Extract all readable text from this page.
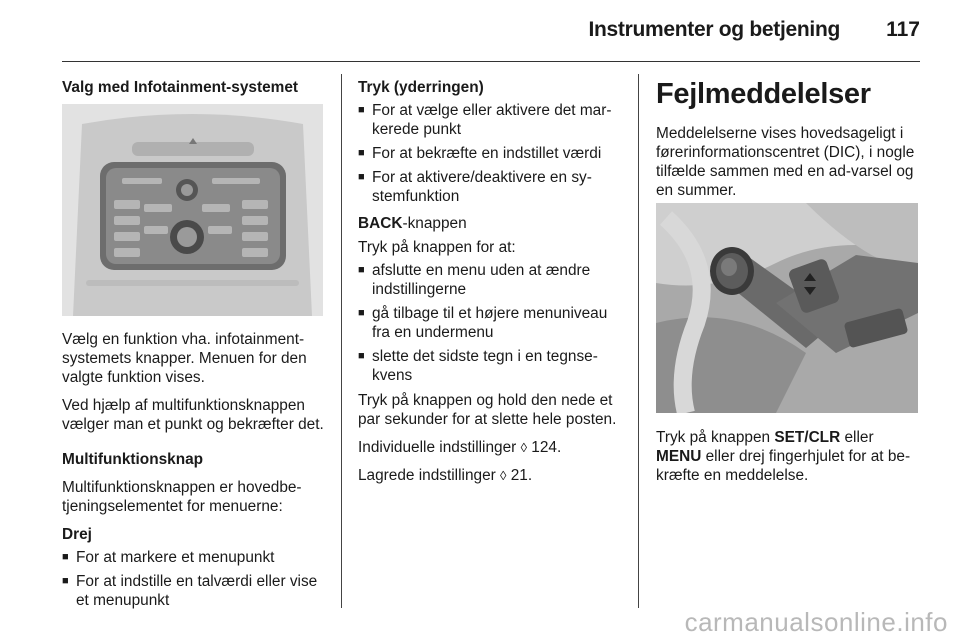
Instrumenter og betjening 117

Valg med Infotainment-systemet

Vælg en funktion vha. infotainment-systemets knapper. Menuen for den valgte funktion vises.

Ved hjælp af multifunktionsknappen vælger man et punkt og bekræfter det.

Multifunktionsknap

Multifunktionsknappen er hovedbe-tjeningselementet for menuerne:

Drej

■ For at markere et menupunkt
■ For at indstille en talværdi eller vise et menupunkt

Tryk (yderringen)

■ For at vælge eller aktivere det mar-kerede punkt
■ For at bekræfte en indstillet værdi
■ For at aktivere/deaktivere en sy-stemfunktion

BACK-knappen

Tryk på knappen for at:

■ afslutte en menu uden at ændre indstillingerne
■ gå tilbage til et højere menuniveau fra en undermenu
■ slette det sidste tegn i en tegnse-kvens

Tryk på knappen og hold den nede et par sekunder for at slette hele posten.

Individuelle indstillinger ◊ 124.

Lagrede indstillinger ◊ 21.

Fejlmeddelelser

Meddelelserne vises hovedsageligt i førerinformationscentret (DIC), i nogle tilfælde sammen med en ad-varsel og en summer.

Tryk på knappen SET/CLR eller
MENU eller drej fingerhjulet for at be-kræfte en meddelelse.

carmanualsonline.info
